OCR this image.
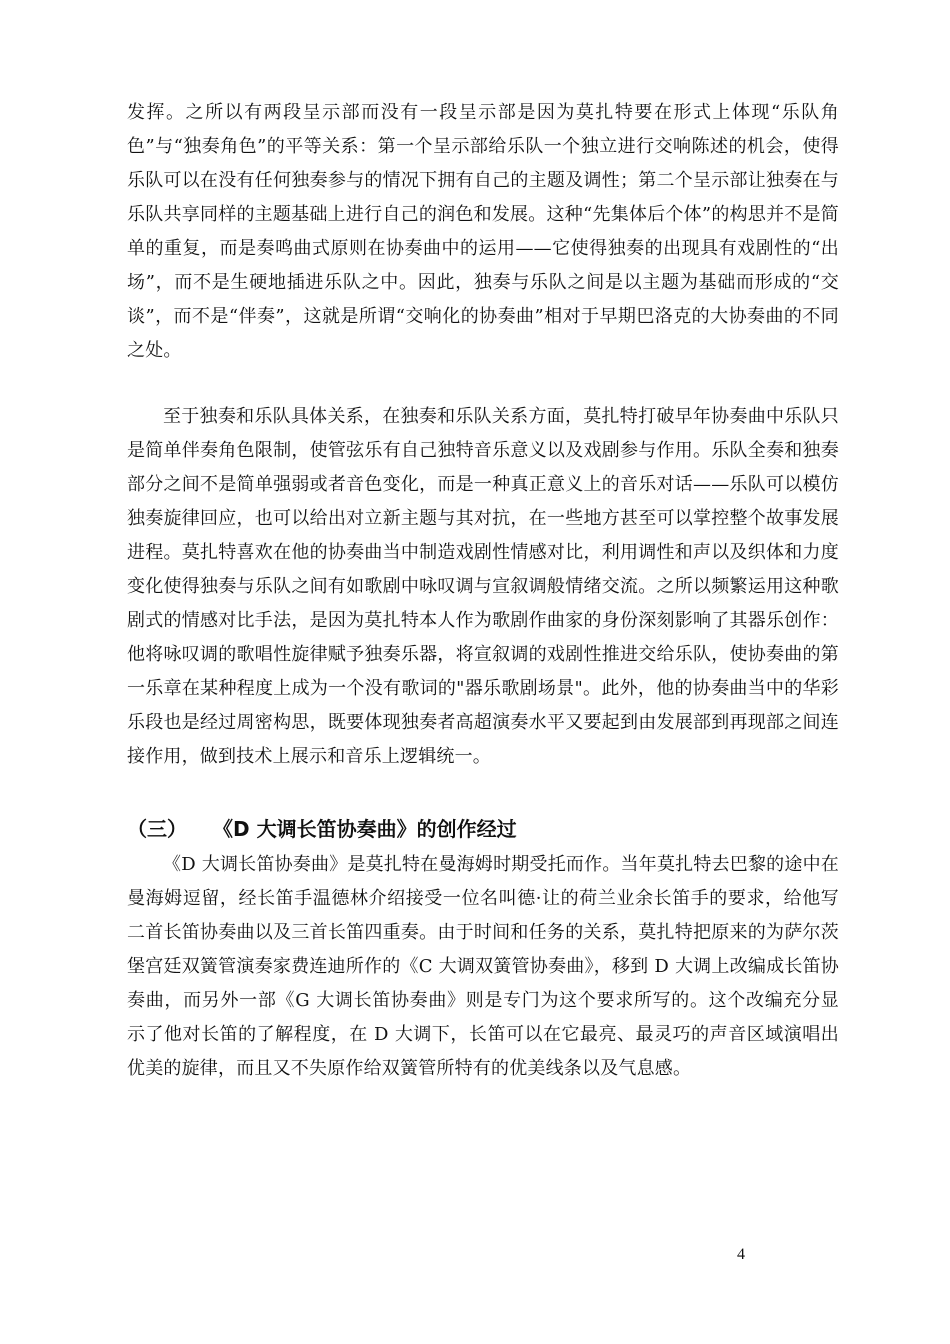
发挥。之所以有两段呈示部而没有一段呈示部是因为莫扎特要在形式上体现“乐队角色”与“独奏角色”的平等关系：第一个呈示部给乐队一个独立进行交响陈述的机会，使得乐队可以在没有任何独奏参与的情况下拥有自己的主题及调性；第二个呈示部让独奏在与乐队共享同样的主题基础上进行自己的润色和发展。这种“先集体后个体”的构思并不是简单的重复，而是奏鸣曲式原则在协奏曲中的运用——它使得独奏的出现具有戏剧性的“出场”，而不是生硬地插进乐队之中。因此，独奏与乐队之间是以主题为基础而形成的“交谈”，而不是“伴奏”，这就是所谓“交响化的协奏曲”相对于早期巴洛克的大协奏曲的不同之处。

至于独奏和乐队具体关系，在独奏和乐队关系方面，莫扎特打破早年协奏曲中乐队只是简单伴奏角色限制，使管弦乐有自己独特音乐意义以及戏剧参与作用。乐队全奏和独奏部分之间不是简单强弱或者音色变化，而是一种真正意义上的音乐对话——乐队可以模仿独奏旋律回应，也可以给出对立新主题与其对抗，在一些地方甚至可以掌控整个故事发展进程。莫扎特喜欢在他的协奏曲当中制造戏剧性情感对比，利用调性和声以及织体和力度变化使得独奏与乐队之间有如歌剧中咏叹调与宣叙调般情绪交流。之所以频繁运用这种歌剧式的情感对比手法，是因为莫扎特本人作为歌剧作曲家的身份深刻影响了其器乐创作：他将咏叹调的歌唱性旋律赋予独奏乐器，将宣叙调的戏剧性推进交给乐队，使协奏曲的第一乐章在某种程度上成为一个没有歌词的"器乐歌剧场景"。此外，他的协奏曲当中的华彩乐段也是经过周密构思，既要体现独奏者高超演奏水平又要起到由发展部到再现部之间连接作用，做到技术上展示和音乐上逻辑统一。

（三） 《D 大调长笛协奏曲》的创作经过

《D 大调长笛协奏曲》是莫扎特在曼海姆时期受托而作。当年莫扎特去巴黎的途中在曼海姆逗留，经长笛手温德林介绍接受一位名叫德·让的荷兰业余长笛手的要求，给他写二首长笛协奏曲以及三首长笛四重奏。由于时间和任务的关系，莫扎特把原来的为萨尔茨堡宫廷双簧管演奏家费连迪所作的《C 大调双簧管协奏曲》，移到 D 大调上改编成长笛协奏曲，而另外一部《G 大调长笛协奏曲》则是专门为这个要求所写的。这个改编充分显示了他对长笛的了解程度，在 D 大调下，长笛可以在它最亮、最灵巧的声音区域演唱出优美的旋律，而且又不失原作给双簧管所特有的优美线条以及气息感。

4
